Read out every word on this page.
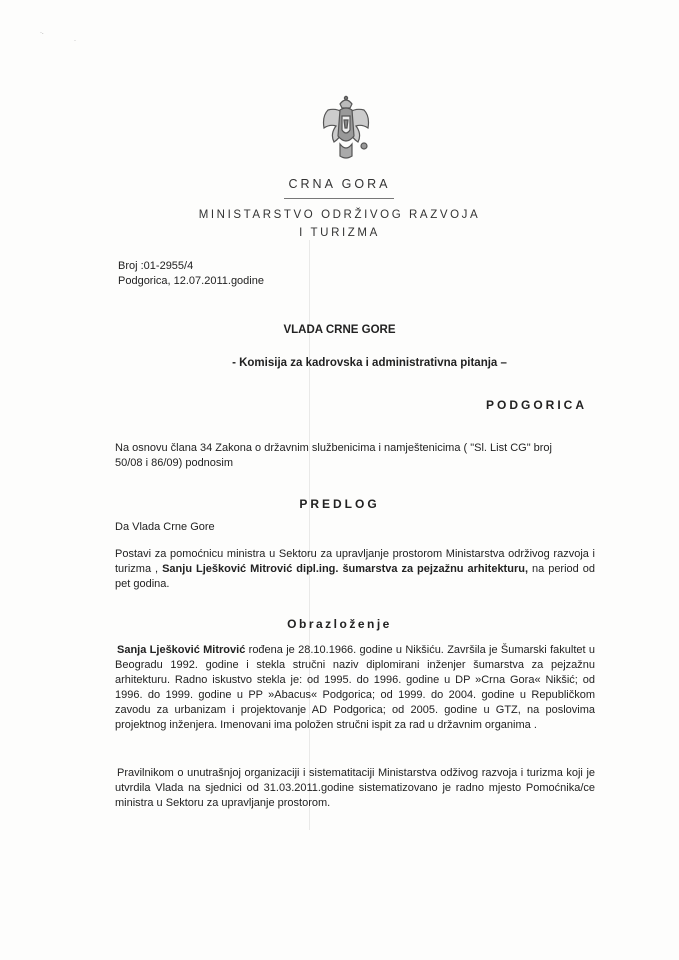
·.
·
CRNA GORA
MINISTARSTVO ODRŽIVOG RAZVOJA
I TURIZMA
Broj :01-2955/4
Podgorica, 12.07.2011.godine
VLADA CRNE GORE
- Komisija za kadrovska i administrativna pitanja –
PODGORICA
Na osnovu člana 34 Zakona o državnim službenicima i namještenicima ( "Sl. List CG" broj
50/08 i 86/09) podnosim
PREDLOG
Da Vlada Crne Gore
Postavi za pomoćnicu ministra u Sektoru za upravljanje prostorom Ministarstva održivog razvoja i turizma , Sanju Lješković Mitrović dipl.ing. šumarstva za pejzažnu arhitekturu, na period od pet godina.
Obrazloženje
Sanja Lješković Mitrović rođena je 28.10.1966. godine u Nikšiću. Završila je Šumarski fakultet u Beogradu 1992. godine i stekla stručni naziv diplomirani inženjer šumarstva za pejzažnu arhitekturu. Radno iskustvo stekla je: od 1995. do 1996. godine u DP »Crna Gora« Nikšić; od 1996. do 1999. godine u PP »Abacus« Podgorica; od 1999. do 2004. godine u Republičkom zavodu za urbanizam i projektovanje AD Podgorica; od 2005. godine u GTZ, na poslovima projektnog inženjera. Imenovani ima položen stručni ispit za rad u državnim organima .
Pravilnikom o unutrašnjoj organizaciji i sistematitaciji Ministarstva odživog razvoja i turizma koji je utvrdila Vlada na sjednici od 31.03.2011.godine sistematizovano je radno mjesto Pomoćnika/ce ministra u Sektoru za upravljanje prostorom.
